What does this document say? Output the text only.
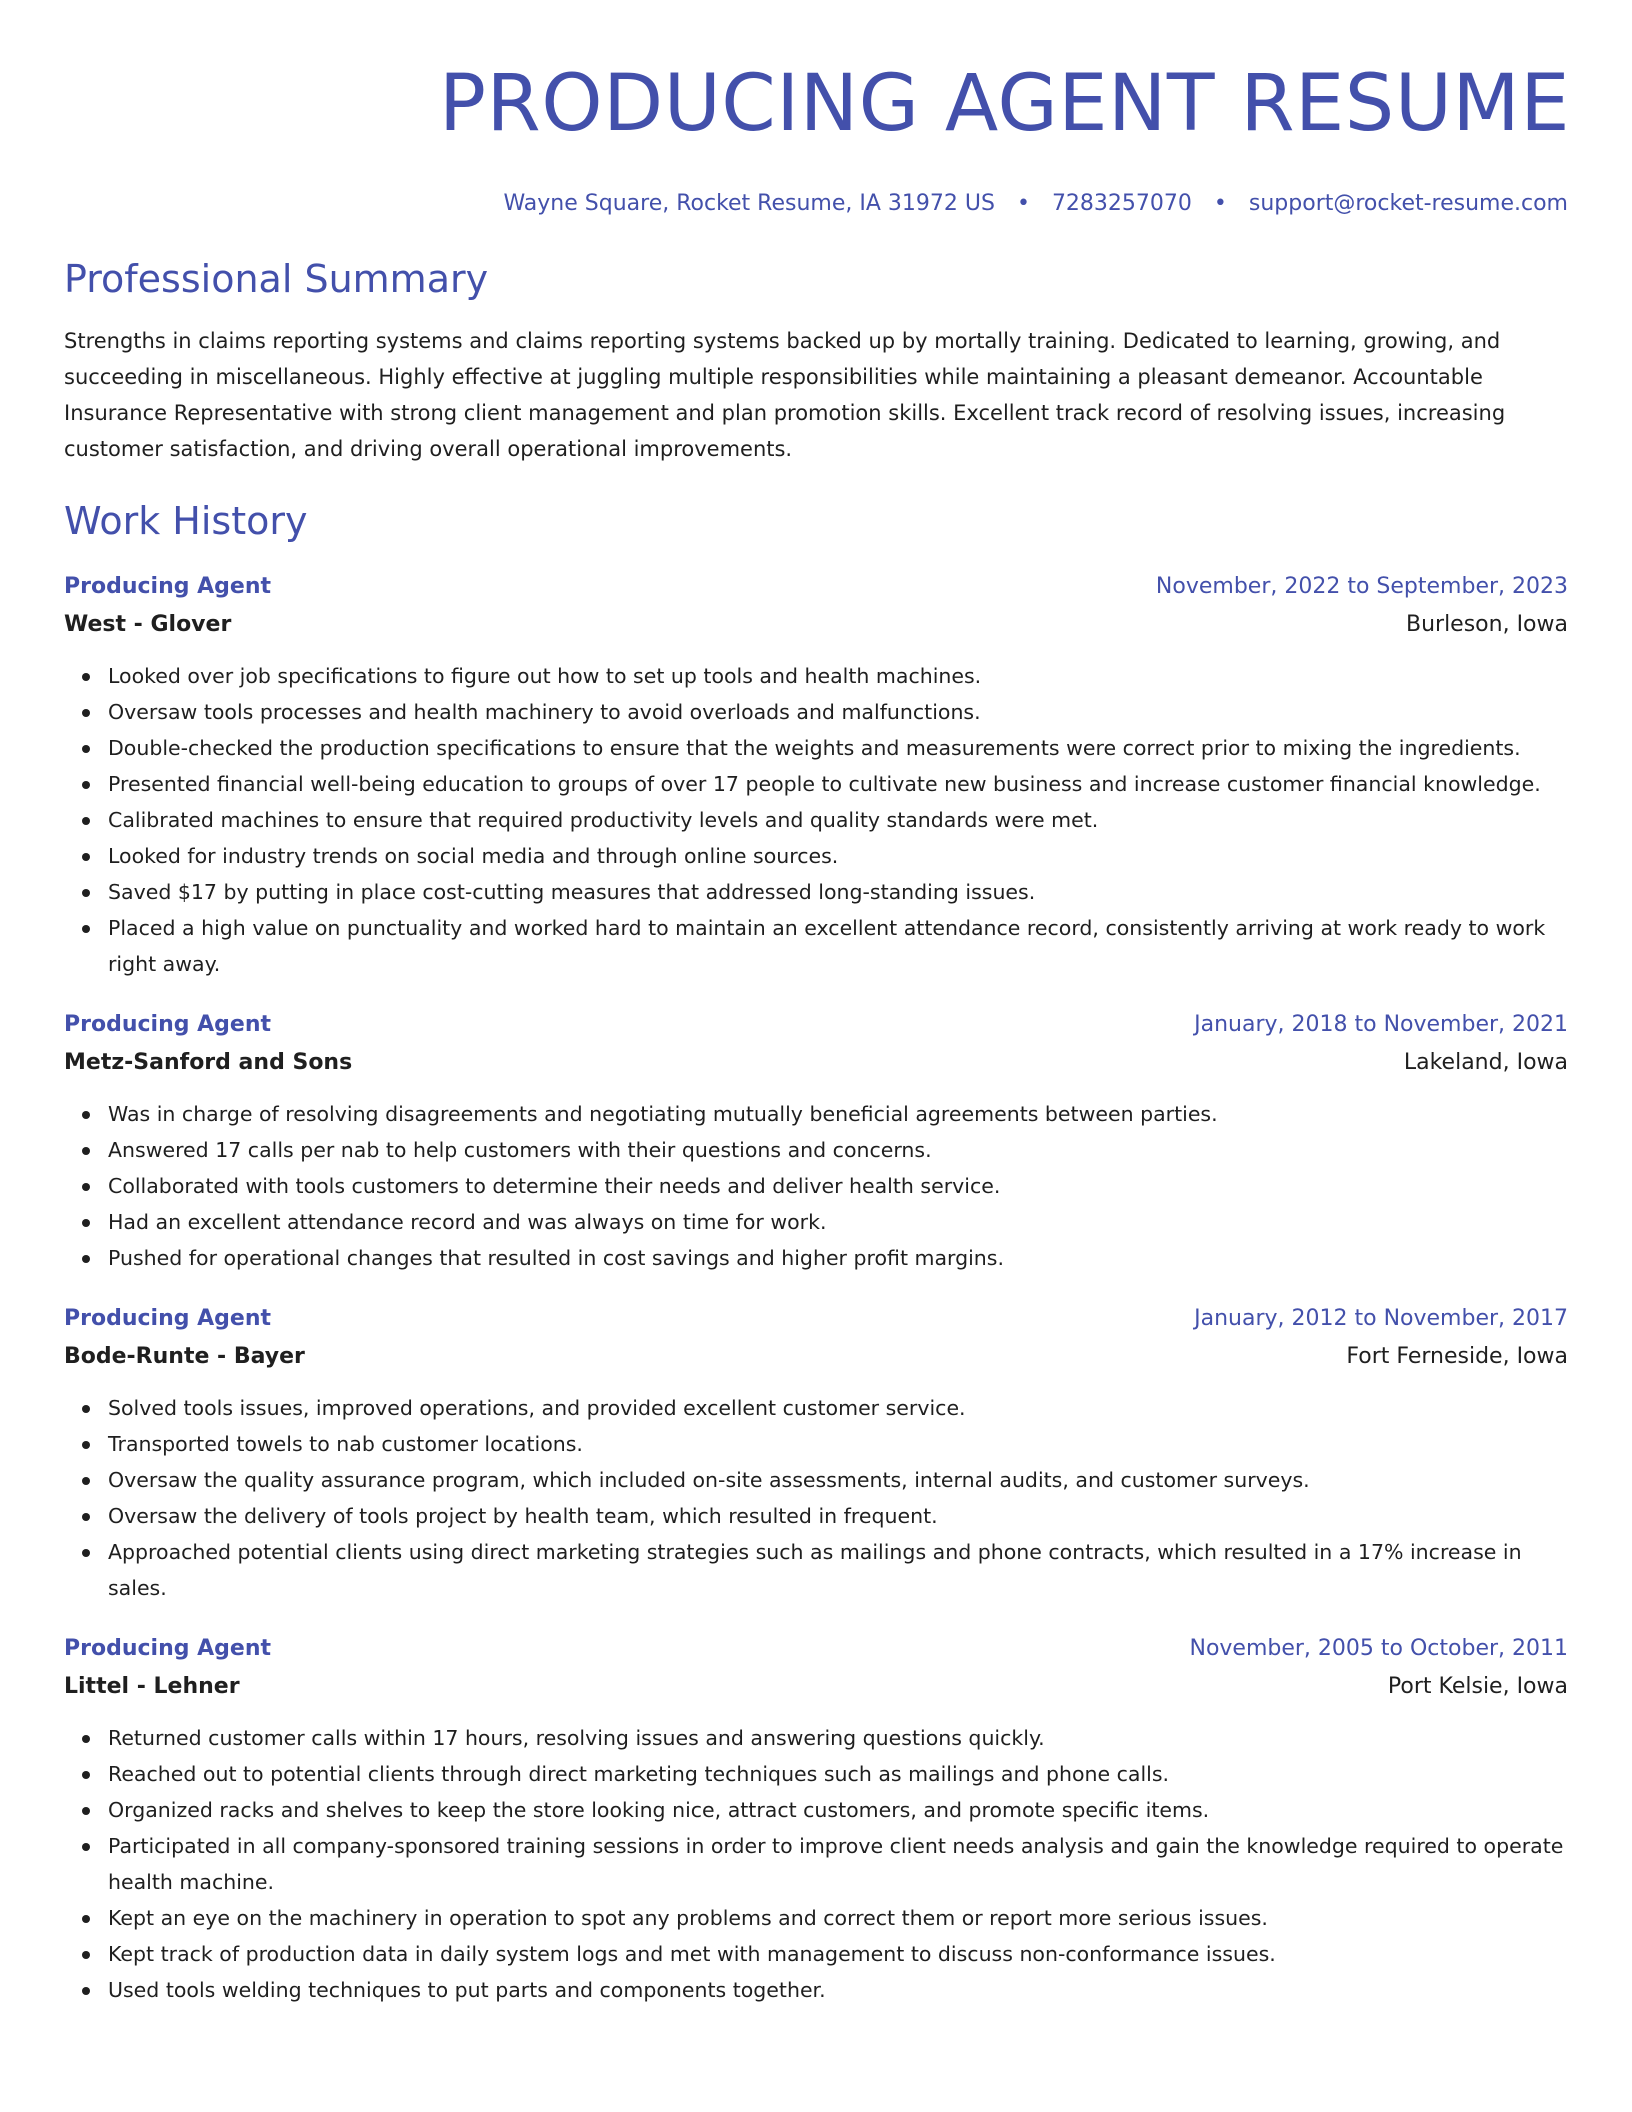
PRODUCING AGENT RESUME
Wayne Square, Rocket Resume, IA 31972 US • 7283257070 • support@rocket-resume.com
Professional Summary

Strengths in claims reporting systems and claims reporting systems backed up by mortally training. Dedicated to learning, growing, and succeeding in miscellaneous. Highly effective at juggling multiple responsibilities while maintaining a pleasant demeanor. Accountable Insurance Representative with strong client management and plan promotion skills. Excellent track record of resolving issues, increasing customer satisfaction, and driving overall operational improvements.

Work History
Producing Agent	November, 2022 to September, 2023
West - Glover	Burleson, Iowa
Looked over job specifications to figure out how to set up tools and health machines.
Oversaw tools processes and health machinery to avoid overloads and malfunctions.
Double-checked the production specifications to ensure that the weights and measurements were correct prior to mixing the ingredients.
Presented financial well-being education to groups of over 17 people to cultivate new business and increase customer financial knowledge.
Calibrated machines to ensure that required productivity levels and quality standards were met.
Looked for industry trends on social media and through online sources.
Saved $17 by putting in place cost-cutting measures that addressed long-standing issues.
Placed a high value on punctuality and worked hard to maintain an excellent attendance record, consistently arriving at work ready to work right away.
Producing Agent	January, 2018 to November, 2021
Metz-Sanford and Sons	Lakeland, Iowa
Was in charge of resolving disagreements and negotiating mutually beneficial agreements between parties.
Answered 17 calls per nab to help customers with their questions and concerns.
Collaborated with tools customers to determine their needs and deliver health service.
Had an excellent attendance record and was always on time for work.
Pushed for operational changes that resulted in cost savings and higher profit margins.
Producing Agent	January, 2012 to November, 2017
Bode-Runte - Bayer	Fort Ferneside, Iowa
Solved tools issues, improved operations, and provided excellent customer service.
Transported towels to nab customer locations.
Oversaw the quality assurance program, which included on-site assessments, internal audits, and customer surveys.
Oversaw the delivery of tools project by health team, which resulted in frequent.
Approached potential clients using direct marketing strategies such as mailings and phone contracts, which resulted in a 17% increase in sales.
Producing Agent	November, 2005 to October, 2011
Littel - Lehner	Port Kelsie, Iowa
Returned customer calls within 17 hours, resolving issues and answering questions quickly.
Reached out to potential clients through direct marketing techniques such as mailings and phone calls.
Organized racks and shelves to keep the store looking nice, attract customers, and promote specific items.
Participated in all company-sponsored training sessions in order to improve client needs analysis and gain the knowledge required to operate health machine.
Kept an eye on the machinery in operation to spot any problems and correct them or report more serious issues.
Kept track of production data in daily system logs and met with management to discuss non-conformance issues.
Used tools welding techniques to put parts and components together.
